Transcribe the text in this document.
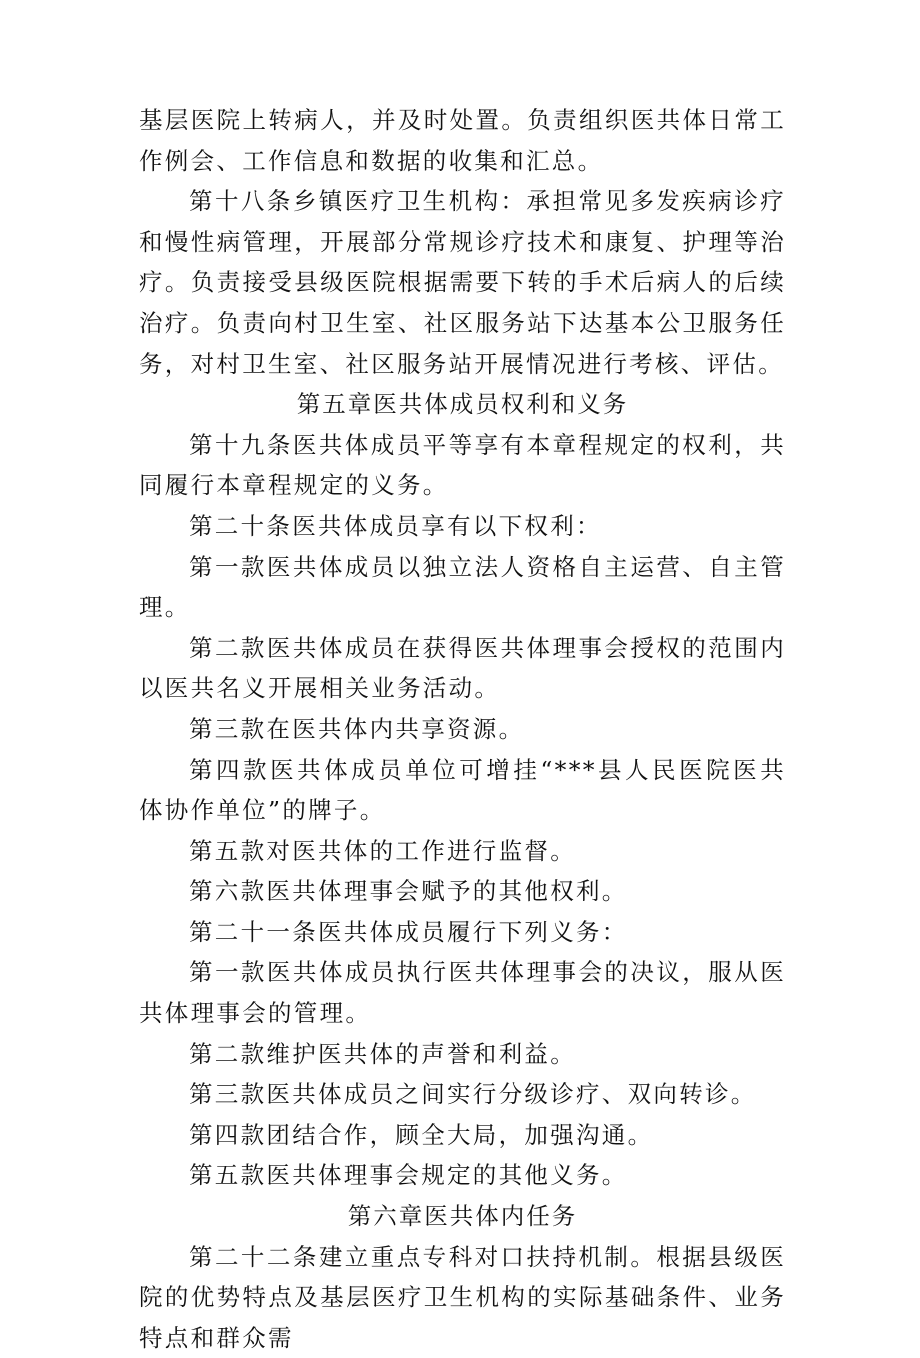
基层医院上转病人，并及时处置。负责组织医共体日常工作例会、工作信息和数据的收集和汇总。

第十八条乡镇医疗卫生机构：承担常见多发疾病诊疗和慢性病管理，开展部分常规诊疗技术和康复、护理等治疗。负责接受县级医院根据需要下转的手术后病人的后续治疗。负责向村卫生室、社区服务站下达基本公卫服务任务，对村卫生室、社区服务站开展情况进行考核、评估。

第五章医共体成员权利和义务

第十九条医共体成员平等享有本章程规定的权利，共同履行本章程规定的义务。

第二十条医共体成员享有以下权利：

第一款医共体成员以独立法人资格自主运营、自主管理。

第二款医共体成员在获得医共体理事会授权的范围内以医共名义开展相关业务活动。

第三款在医共体内共享资源。

第四款医共体成员单位可增挂“***县人民医院医共体协作单位”的牌子。

第五款对医共体的工作进行监督。

第六款医共体理事会赋予的其他权利。

第二十一条医共体成员履行下列义务：

第一款医共体成员执行医共体理事会的决议，服从医共体理事会的管理。

第二款维护医共体的声誉和利益。

第三款医共体成员之间实行分级诊疗、双向转诊。

第四款团结合作，顾全大局，加强沟通。

第五款医共体理事会规定的其他义务。

第六章医共体内任务

第二十二条建立重点专科对口扶持机制。根据县级医院的优势特点及基层医疗卫生机构的实际基础条件、业务特点和群众需
